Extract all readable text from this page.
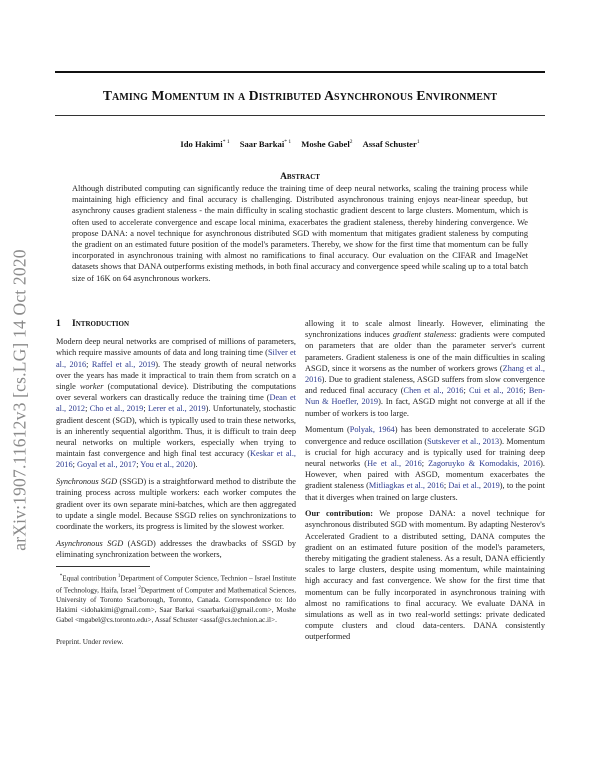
Taming Momentum in a Distributed Asynchronous Environment
Ido Hakimi$^{* 1}$ Saar Barkai$^{* 1}$ Moshe Gabel$^2$ Assaf Schuster$^1$
arXiv:1907.11612v3 [cs.LG] 14 Oct 2020
Abstract
Although distributed computing can significantly reduce the training time of deep neural networks, scaling the training process while maintaining high efficiency and final accuracy is challenging. Distributed asynchronous training enjoys near-linear speedup, but asynchrony causes gradient staleness - the main difficulty in scaling stochastic gradient descent to large clusters. Momentum, which is often used to accelerate convergence and escape local minima, exacerbates the gradient staleness, thereby hindering convergence. We propose DANA: a novel technique for asynchronous distributed SGD with momentum that mitigates gradient staleness by computing the gradient on an estimated future position of the model's parameters. Thereby, we show for the first time that momentum can be fully incorporated in asynchronous training with almost no ramifications to final accuracy. Our evaluation on the CIFAR and ImageNet datasets shows that DANA outperforms existing methods, in both final accuracy and convergence speed while scaling up to a total batch size of 16K on 64 asynchronous workers.
1 Introduction

Modern deep neural networks are comprised of millions of parameters, which require massive amounts of data and long training time (Silver et al., 2016; Raffel et al., 2019). The steady growth of neural networks over the years has made it impractical to train them from scratch on a single worker (computational device). Distributing the computations over several workers can drastically reduce the training time (Dean et al., 2012; Cho et al., 2019; Lerer et al., 2019). Unfortunately, stochastic gradient descent (SGD), which is typically used to train these networks, is an inherently sequential algorithm. Thus, it is difficult to train deep neural networks on multiple workers, especially when trying to maintain fast convergence and high final test accuracy (Keskar et al., 2016; Goyal et al., 2017; You et al., 2020).

Synchronous SGD (SSGD) is a straightforward method to distribute the training process across multiple workers: each worker computes the gradient over its own separate mini-batches, which are then aggregated to update a single model. Because SSGD relies on synchronizations to coordinate the workers, its progress is limited by the slowest worker.

Asynchronous SGD (ASGD) addresses the drawbacks of SSGD by eliminating synchronization between the workers,

*Equal contribution $^1$Department of Computer Science, Technion – Israel Institute of Technology, Haifa, Israel $^2$Department of Computer and Mathematical Sciences, University of Toronto Scarborough, Toronto, Canada. Correspondence to: Ido Hakimi <idohakimi@gmail.com>, Saar Barkai <saarbarkai@gmail.com>, Moshe Gabel <mgabel@cs.toronto.edu>, Assaf Schuster <assaf@cs.technion.ac.il>.
Preprint. Under review.

allowing it to scale almost linearly. However, eliminating the synchronizations induces gradient staleness: gradients were computed on parameters that are older than the parameter server's current parameters. Gradient staleness is one of the main difficulties in scaling ASGD, since it worsens as the number of workers grows (Zhang et al., 2016). Due to gradient staleness, ASGD suffers from slow convergence and reduced final accuracy (Chen et al., 2016; Cui et al., 2016; Ben-Nun & Hoefler, 2019). In fact, ASGD might not converge at all if the number of workers is too large.

Momentum (Polyak, 1964) has been demonstrated to accelerate SGD convergence and reduce oscillation (Sutskever et al., 2013). Momentum is crucial for high accuracy and is typically used for training deep neural networks (He et al., 2016; Zagoruyko & Komodakis, 2016). However, when paired with ASGD, momentum exacerbates the gradient staleness (Mitliagkas et al., 2016; Dai et al., 2019), to the point that it diverges when trained on large clusters.

Our contribution: We propose DANA: a novel technique for asynchronous distributed SGD with momentum. By adapting Nesterov's Accelerated Gradient to a distributed setting, DANA computes the gradient on an estimated future position of the model's parameters, thereby mitigating the gradient staleness. As a result, DANA efficiently scales to large clusters, despite using momentum, while maintaining high accuracy and fast convergence. We show for the first time that momentum can be fully incorporated in asynchronous training with almost no ramifications to final accuracy. We evaluate DANA in simulations as well as in two real-world settings: private dedicated compute clusters and cloud data-centers. DANA consistently outperformed
